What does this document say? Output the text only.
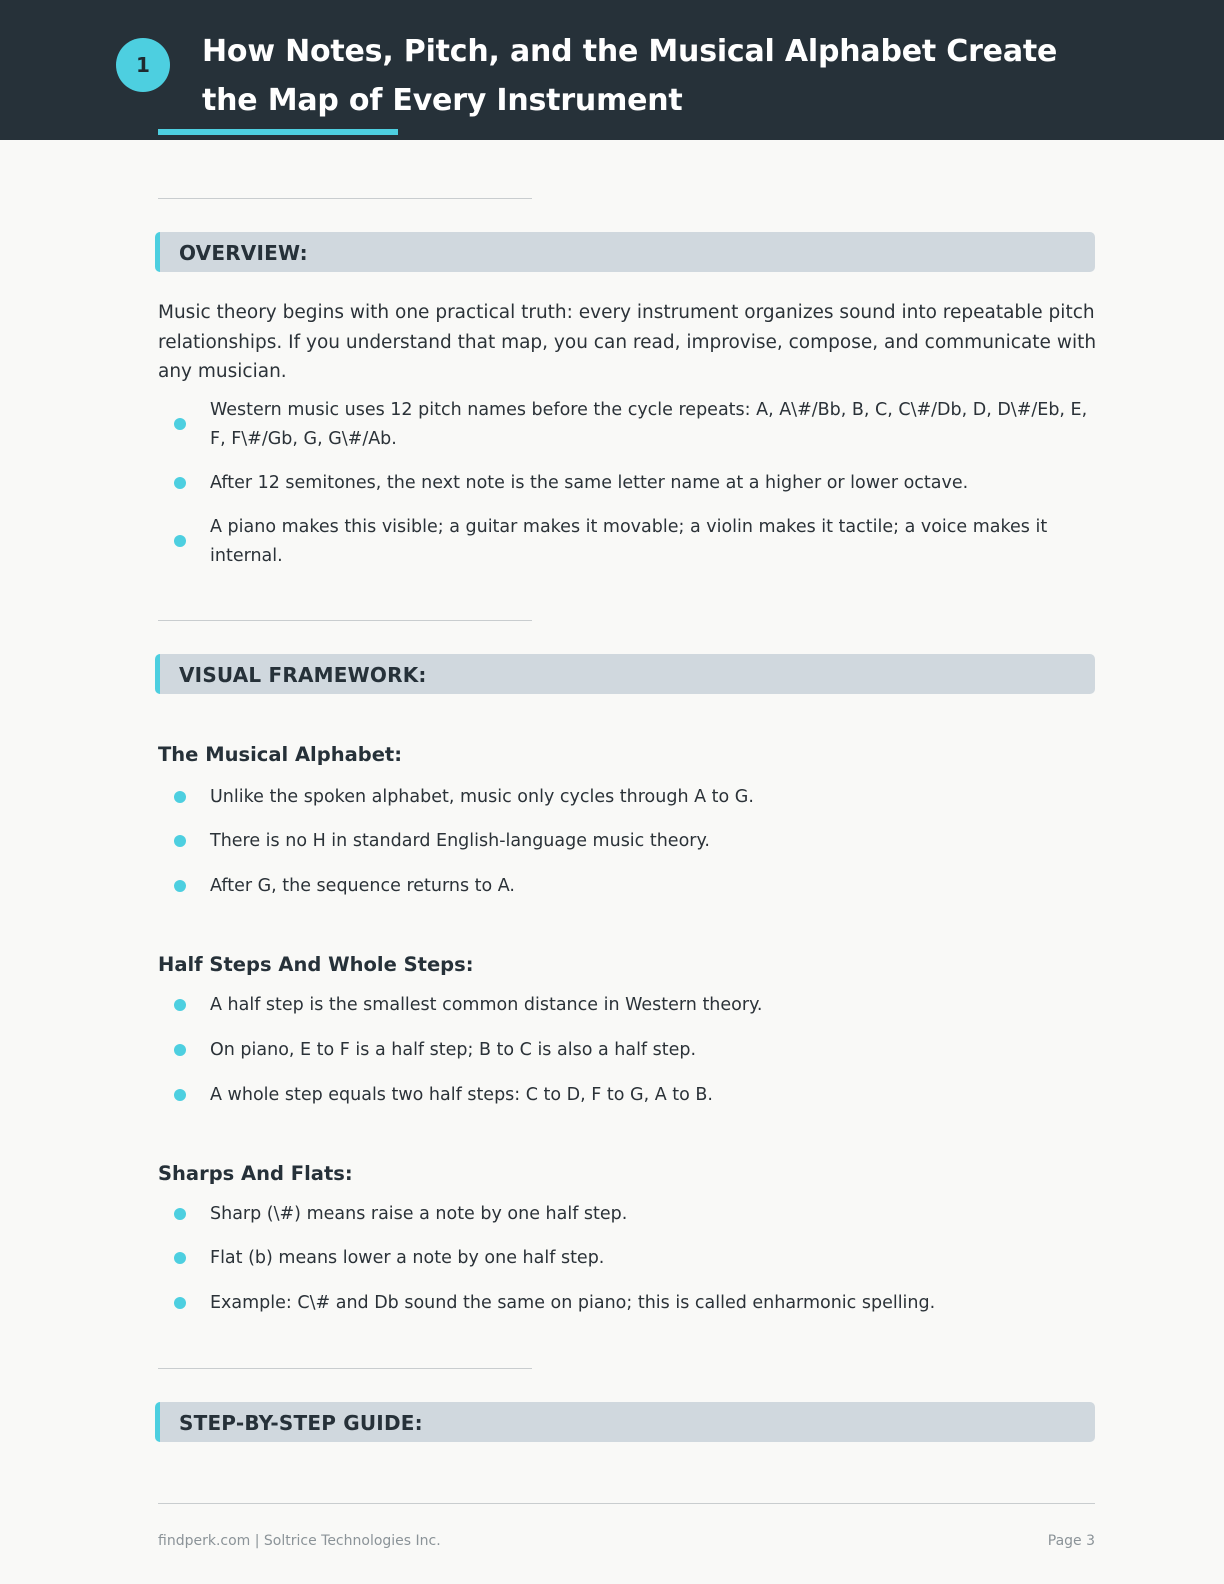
1	How Notes, Pitch, and the Musical Alphabet Create the Map of Every Instrument
OVERVIEW:
Music theory begins with one practical truth: every instrument organizes sound into repeatable pitch relationships. If you understand that map, you can read, improvise, compose, and communicate with any musician.
Western music uses 12 pitch names before the cycle repeats: A, A\#/Bb, B, C, C\#/Db, D, D\#/Eb, E, F, F\#/Gb, G, G\#/Ab.
After 12 semitones, the next note is the same letter name at a higher or lower octave.
A piano makes this visible; a guitar makes it movable; a violin makes it tactile; a voice makes it internal.
VISUAL FRAMEWORK:
The Musical Alphabet:
Unlike the spoken alphabet, music only cycles through A to G.
There is no H in standard English-language music theory.
After G, the sequence returns to A.
Half Steps And Whole Steps:
A half step is the smallest common distance in Western theory.
On piano, E to F is a half step; B to C is also a half step.
A whole step equals two half steps: C to D, F to G, A to B.
Sharps And Flats:
Sharp (\#) means raise a note by one half step.
Flat (b) means lower a note by one half step.
Example: C\# and Db sound the same on piano; this is called enharmonic spelling.
STEP-BY-STEP GUIDE:
findperk.com | Soltrice Technologies Inc.	Page 3
